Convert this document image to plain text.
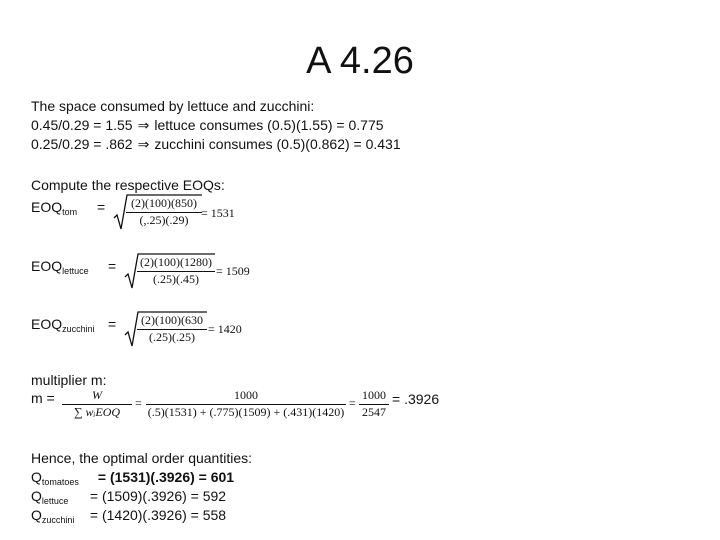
A 4.26
The space consumed by lettuce and zucchini:
0.45/0.29 = 1.55 ⇒ lettuce consumes (0.5)(1.55) = 0.775
0.25/0.29 = .862 ⇒ zucchini consumes (0.5)(0.862) = 0.431
Compute the respective EOQs:
$EOQ_{tom}$ =	(2)(100)(850)
(,.25)(.29)	= 1531
$EOQ_{lettuce} = (2)(100)(1280)$
(.25)(.45)
= 1509
$EOQ_{zucchini}$ =	(2)(100)(630
(.25)(.25)
= 1420
multiplier m:
m =	W
∑ wᵢEOQ
=
1000
(.5)(1531) + (.775)(1509) + (.431)(1420)
=
1000
2547
= .3926
Hence, the optimal order quantities:
Qtomatoes = (1531)(.3926) = 601
Qlettuce = (1509)(.3926) = 592
Qzucchini = (1420)(.3926) = 558
